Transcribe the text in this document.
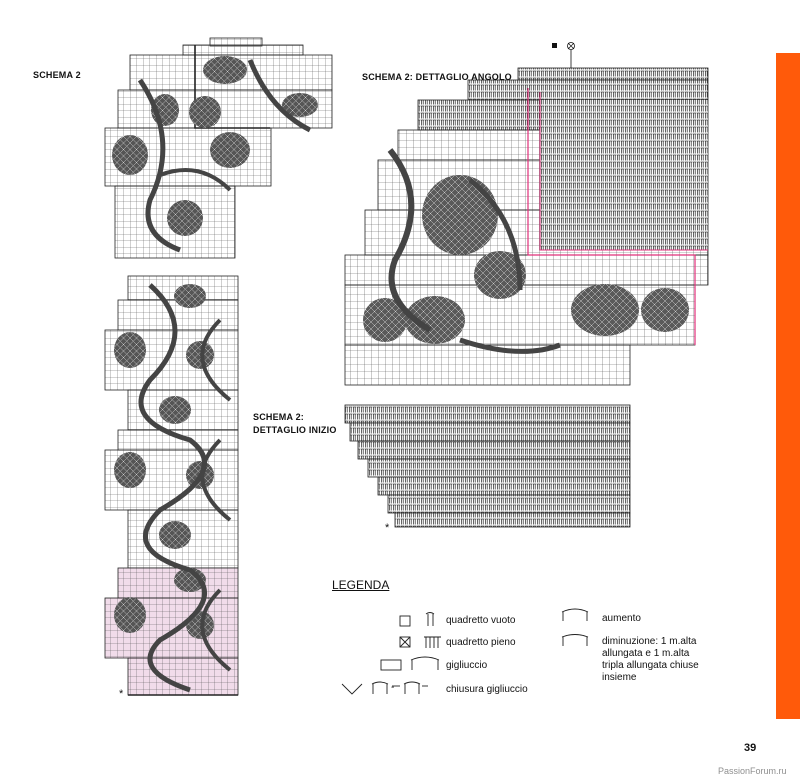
SCHEMA 2	SCHEMA 2: DETTAGLIO ANGOLO
SCHEMA 2:
DETTAGLIO INIZIO
*
*
LEGENDA
quadretto vuoto
quadretto pieno
gigliuccio
chiusura gigliuccio
aumento
diminuzione: 1 m.alta
allungata e 1 m.alta
tripla allungata chiuse
insieme
-
39
PassionForum.ru
